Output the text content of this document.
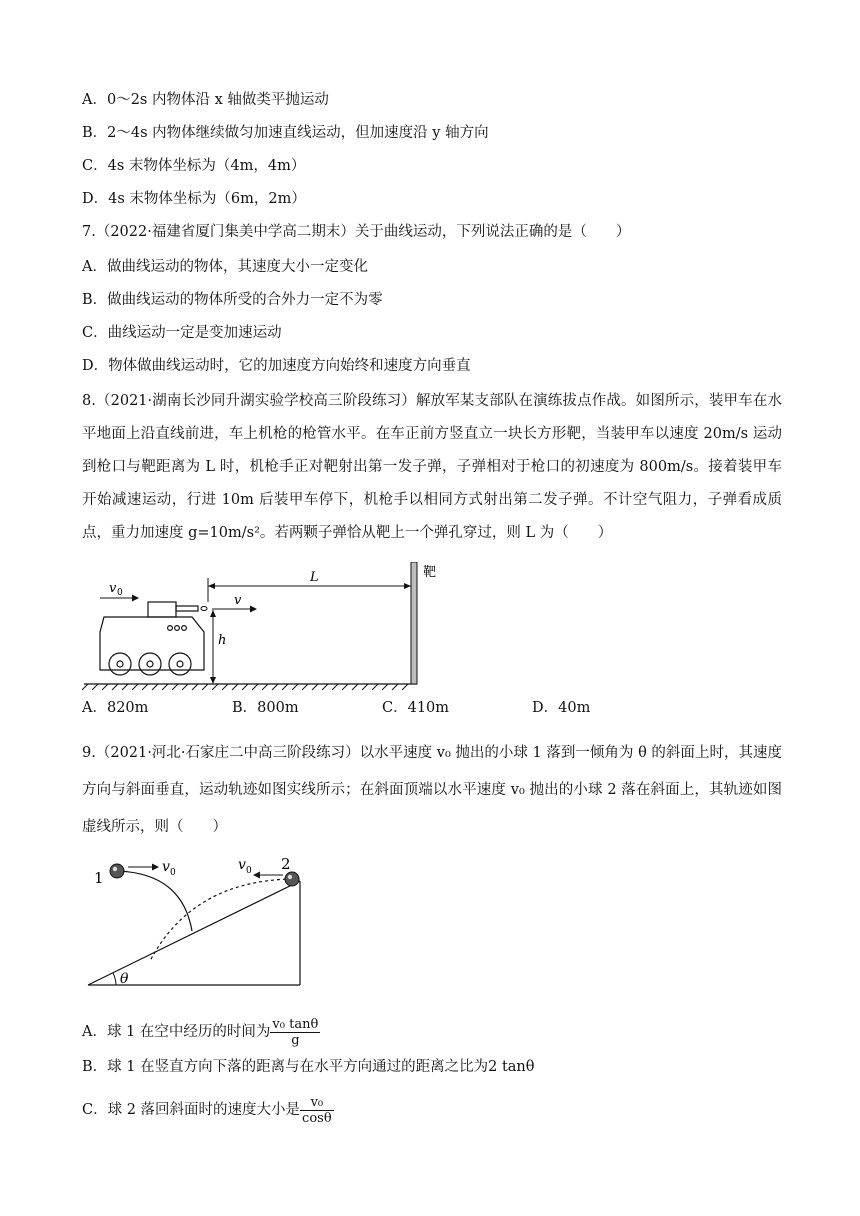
A．0～2s 内物体沿 x 轴做类平抛运动
B．2～4s 内物体继续做匀加速直线运动，但加速度沿 y 轴方向
C．4s 末物体坐标为（4m，4m）
D．4s 末物体坐标为（6m，2m）
7.（2022·福建省厦门集美中学高二期末）关于曲线运动，下列说法正确的是（　　）
A．做曲线运动的物体，其速度大小一定变化
B．做曲线运动的物体所受的合外力一定不为零
C．曲线运动一定是变加速运动
D．物体做曲线运动时，它的加速度方向始终和速度方向垂直
8.（2021·湖南长沙同升湖实验学校高三阶段练习）解放军某支部队在演练拔点作战。如图所示，装甲车在水平地面上沿直线前进，车上机枪的枪管水平。在车正前方竖直立一块长方形靶，当装甲车以速度 20m/s 运动到枪口与靶距离为 L 时，机枪手正对靶射出第一发子弹，子弹相对于枪口的初速度为 800m/s。接着装甲车开始减速运动，行进 10m 后装甲车停下，机枪手以相同方式射出第二发子弹。不计空气阻力，子弹看成质点，重力加速度 g=10m/s²。若两颗子弹恰从靶上一个弹孔穿过，则 L 为（　　）
v 0	v
L
h
靶
A．820m	B．800m	C．410m	D．40m
9.（2021·河北·石家庄二中高三阶段练习）以水平速度 v₀ 抛出的小球 1 落到一倾角为 θ 的斜面上时，其速度方向与斜面垂直，运动轨迹如图实线所示；在斜面顶端以水平速度 v₀ 抛出的小球 2 落在斜面上，其轨迹如图虚线所示，则（　　）
θ
1
v 0	2
v 0
A．球 1 在空中经历的时间为 $\frac{\text{v₀ tanθ}}{g}$
B．球 1 在竖直方向下落的距离与在水平方向通过的距离之比为2 tanθ
C．球 2 落回斜面时的速度大小是 $\frac{\text{v₀}}{\cos\theta}$
